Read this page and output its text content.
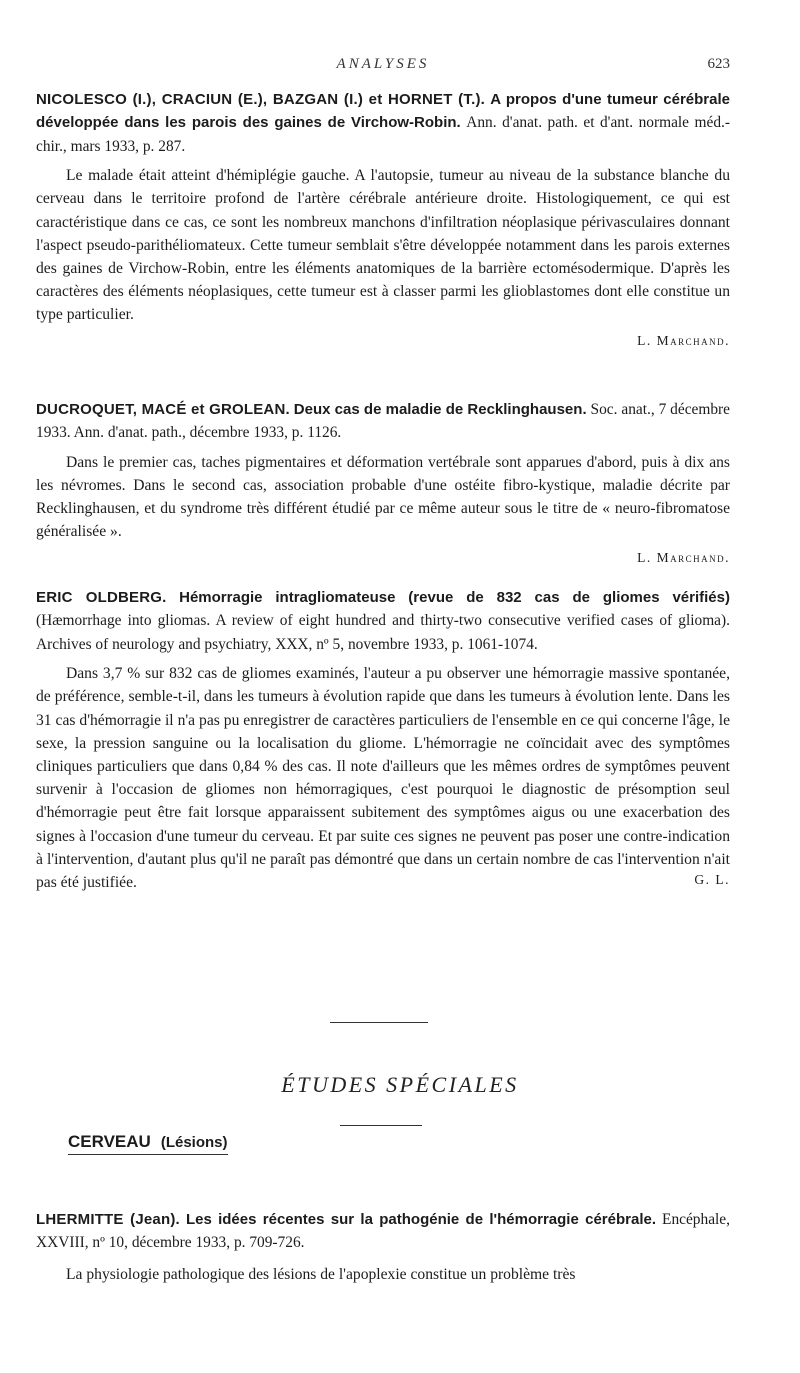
ANALYSES	623

NICOLESCO (I.), CRACIUN (E.), BAZGAN (I.) et HORNET (T.). A propos d'une tumeur cérébrale développée dans les parois des gaines de Virchow-Robin. Ann. d'anat. path. et d'ant. normale méd.-chir., mars 1933, p. 287.

Le malade était atteint d'hémiplégie gauche. A l'autopsie, tumeur au niveau de la substance blanche du cerveau dans le territoire profond de l'artère cérébrale antérieure droite. Histologiquement, ce qui est caractéristique dans ce cas, ce sont les nombreux manchons d'infiltration néoplasique périvasculaires donnant l'aspect pseudo-parithéliomateux. Cette tumeur semblait s'être développée notamment dans les parois externes des gaines de Virchow-Robin, entre les éléments anatomiques de la barrière ectomésodermique. D'après les caractères des éléments néoplasiques, cette tumeur est à classer parmi les glioblastomes dont elle constitue un type particulier.

L. Marchand.

DUCROQUET, MACÉ et GROLEAN. Deux cas de maladie de Recklinghausen. Soc. anat., 7 décembre 1933. Ann. d'anat. path., décembre 1933, p. 1126.

Dans le premier cas, taches pigmentaires et déformation vertébrale sont apparues d'abord, puis à dix ans les névromes. Dans le second cas, association probable d'une ostéite fibro-kystique, maladie décrite par Recklinghausen, et du syndrome très différent étudié par ce même auteur sous le titre de « neuro-fibromatose généralisée ».

L. Marchand.

ERIC OLDBERG. Hémorragie intragliomateuse (revue de 832 cas de gliomes vérifiés) (Hæmorrhage into gliomas. A review of eight hundred and thirty-two consecutive verified cases of glioma). Archives of neurology and psychiatry, XXX, nº 5, novembre 1933, p. 1061-1074.

Dans 3,7 % sur 832 cas de gliomes examinés, l'auteur a pu observer une hémorragie massive spontanée, de préférence, semble-t-il, dans les tumeurs à évolution rapide que dans les tumeurs à évolution lente. Dans les 31 cas d'hémorragie il n'a pas pu enregistrer de caractères particuliers de l'ensemble en ce qui concerne l'âge, le sexe, la pression sanguine ou la localisation du gliome. L'hémorragie ne coïncidait avec des symptômes cliniques particuliers que dans 0,84 % des cas. Il note d'ailleurs que les mêmes ordres de symptômes peuvent survenir à l'occasion de gliomes non hémorragiques, c'est pourquoi le diagnostic de présomption seul d'hémorragie peut être fait lorsque apparaissent subitement des symptômes aigus ou une exacerbation des signes à l'occasion d'une tumeur du cerveau. Et par suite ces signes ne peuvent pas poser une contre-indication à l'intervention, d'autant plus qu'il ne paraît pas démontré que dans un certain nombre de cas l'intervention n'ait pas été justifiée.	G. L.

ÉTUDES SPÉCIALES
CERVEAU (Lésions)

LHERMITTE (Jean). Les idées récentes sur la pathogénie de l'hémorragie cérébrale. Encéphale, XXVIII, nº 10, décembre 1933, p. 709-726.

La physiologie pathologique des lésions de l'apoplexie constitue un problème très
